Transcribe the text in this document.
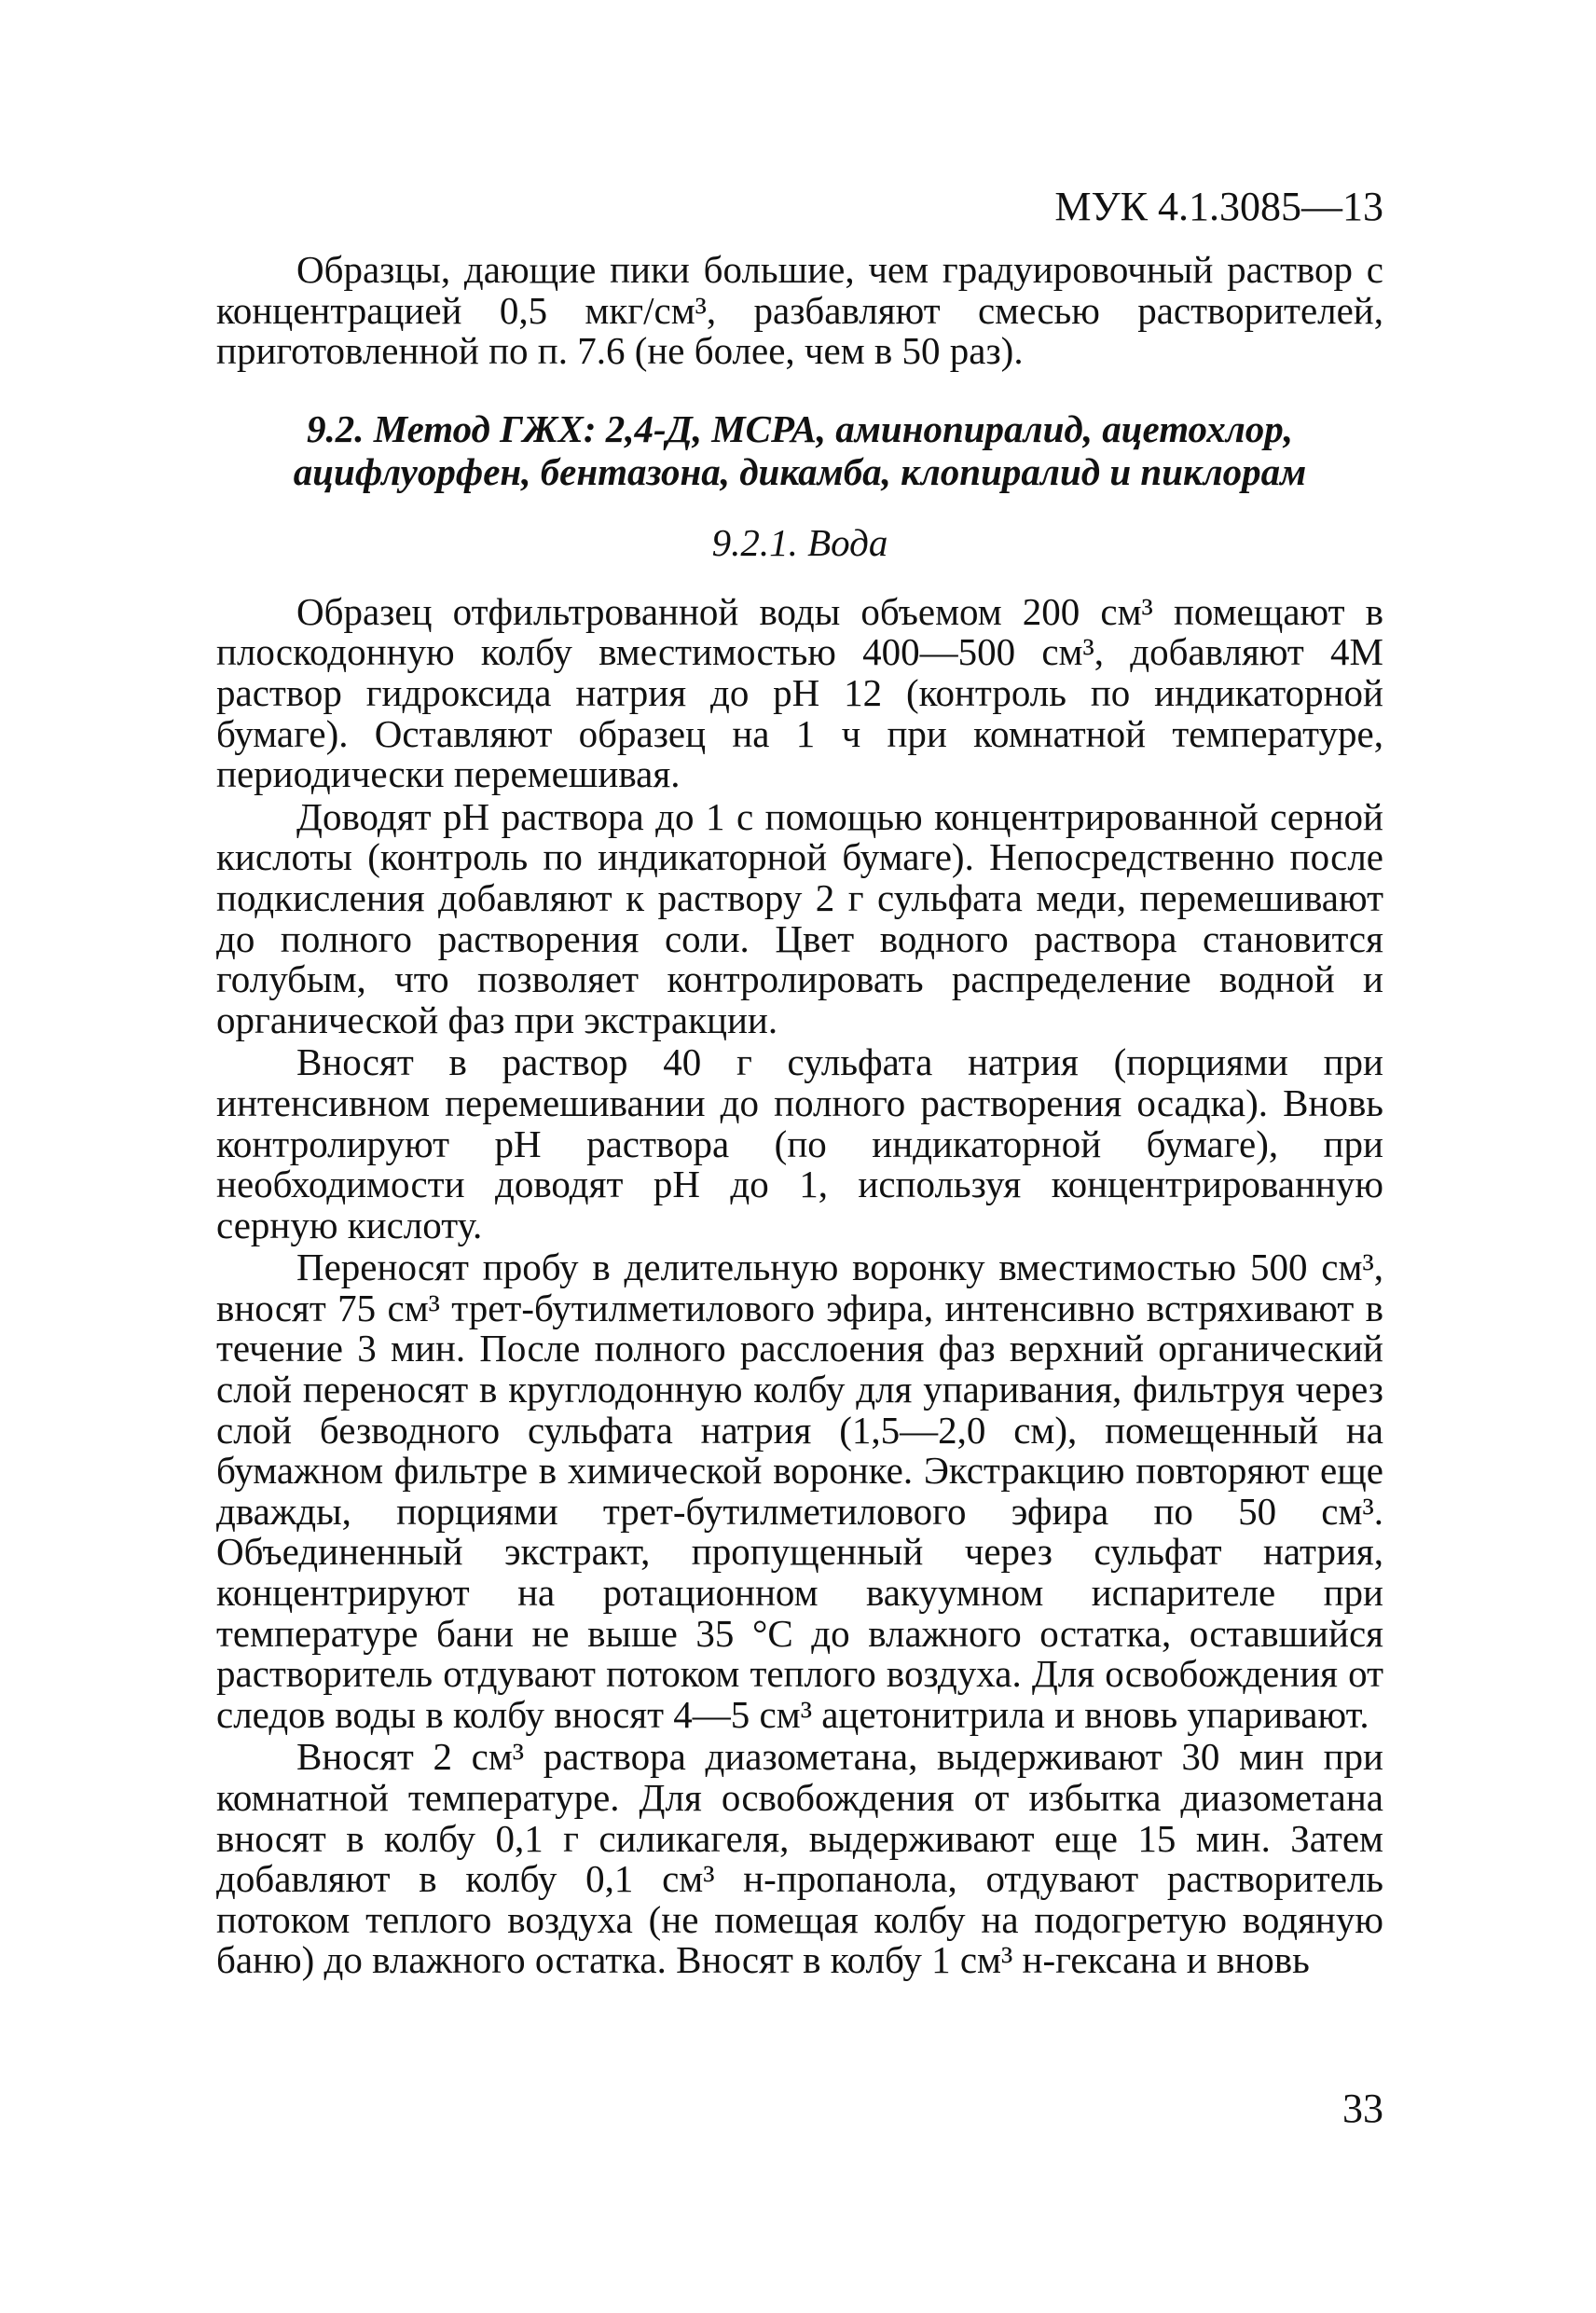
МУК 4.1.3085—13

Образцы, дающие пики большие, чем градуировочный раствор с концентрацией 0,5 мкг/см³, разбавляют смесью растворителей, приготовленной по п. 7.6 (не более, чем в 50 раз).

9.2. Метод ГЖХ: 2,4-Д, МСРА, аминопиралид, ацетохлор, ацифлуорфен, бентазона, дикамба, клопиралид и пиклорам
9.2.1. Вода

Образец отфильтрованной воды объемом 200 см³ помещают в плоскодонную колбу вместимостью 400—500 см³, добавляют 4М раствор гидроксида натрия до pH 12 (контроль по индикаторной бумаге). Оставляют образец на 1 ч при комнатной температуре, периодически перемешивая.

Доводят pH раствора до 1 с помощью концентрированной серной кислоты (контроль по индикаторной бумаге). Непосредственно после подкисления добавляют к раствору 2 г сульфата меди, перемешивают до полного растворения соли. Цвет водного раствора становится голубым, что позволяет контролировать распределение водной и органической фаз при экстракции.

Вносят в раствор 40 г сульфата натрия (порциями при интенсивном перемешивании до полного растворения осадка). Вновь контролируют pH раствора (по индикаторной бумаге), при необходимости доводят pH до 1, используя концентрированную серную кислоту.

Переносят пробу в делительную воронку вместимостью 500 см³, вносят 75 см³ трет-бутилметилового эфира, интенсивно встряхивают в течение 3 мин. После полного расслоения фаз верхний органический слой переносят в круглодонную колбу для упаривания, фильтруя через слой безводного сульфата натрия (1,5—2,0 см), помещенный на бумажном фильтре в химической воронке. Экстракцию повторяют еще дважды, порциями трет-бутилметилового эфира по 50 см³. Объединенный экстракт, пропущенный через сульфат натрия, концентрируют на ротационном вакуумном испарителе при температуре бани не выше 35 °С до влажного остатка, оставшийся растворитель отдувают потоком теплого воздуха. Для освобождения от следов воды в колбу вносят 4—5 см³ ацетонитрила и вновь упаривают.

Вносят 2 см³ раствора диазометана, выдерживают 30 мин при комнатной температуре. Для освобождения от избытка диазометана вносят в колбу 0,1 г силикагеля, выдерживают еще 15 мин. Затем добавляют в колбу 0,1 см³ н-пропанола, отдувают растворитель потоком теплого воздуха (не помещая колбу на подогретую водяную баню) до влажного остатка. Вносят в колбу 1 см³ н-гексана и вновь

33
